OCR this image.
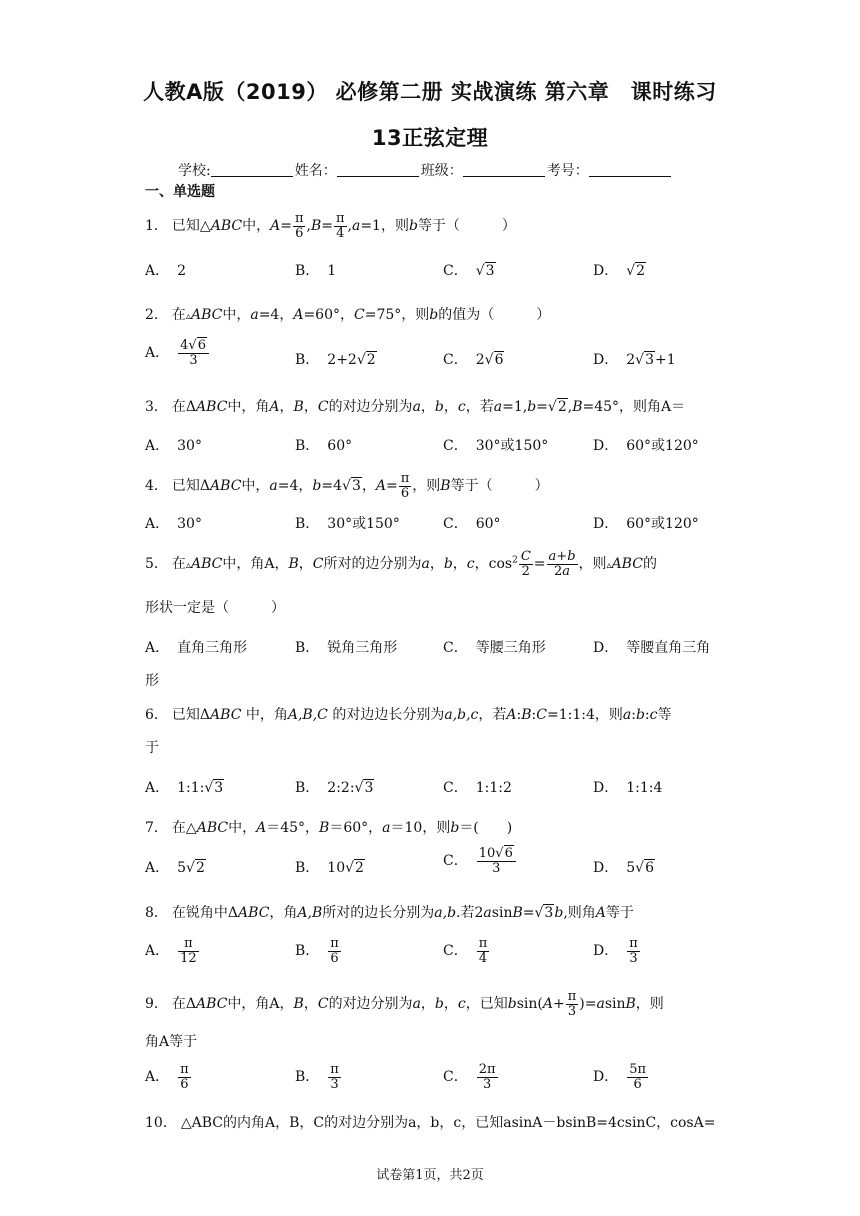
人教A版（2019） 必修第二册 实战演练 第六章　课时练习
13正弦定理
学校:	姓名：	班级：	考号：
一、单选题
1． 已知△ABC中，$A= \frac{\pi}{6} ,B= \frac{\pi}{4} ,a=1$，则b等于（　　　）
A． 2	B． 1	C． √3	D． √2
2． 在▵ABC中，a=4，A=60°，C=75°，则b的值为（　　　）
A． $\frac{4√6}{3}$	B． 2+2√2	C． 2√6	D． 2√3+1
3． 在ΔABC中，角A，B，C的对边分别为a，b，c，若a=1,b=√2,B=45°，则角A＝
A． 30°	B． 60°	C． 30°或150°	D． 60°或120°
4． 已知ΔABC中，a=4，b=4√3，$A= \frac{\pi}{6}$ ，则B等于（　　　）
A． 30°	B． 30°或150°	C． 60°	D． 60°或120°
5． 在▵ABC中，角A，B，C所对的边分别为a，b，c，$\cos^2 \frac{C}{2} = \frac{a+b}{2a}$ ，则▵ABC的
形状一定是（　　　）
A． 直角三角形	B． 锐角三角形	C． 等腰三角形	D． 等腰直角三角
形
6． 已知ΔABC 中，角A,B,C 的对边边长分别为a,b,c，若A:B:C=1:1:4，则a:b:c等
于
A． 1:1:√3	B． 2:2:√3	C． 1:1:2	D． 1:1:4
7． 在△ABC中，A＝45°，B＝60°，a＝10，则b＝(　　)
A． 5√2	B． 10√2	C． $\frac{10√6}{3}$	D． 5√6
8． 在锐角中ΔABC，角A,B所对的边长分别为a,b.若2asinB=√3b,则角A等于
A． $\frac{\pi}{12}$	B． $\frac{\pi}{6}$	C． $\frac{\pi}{4}$	D． $\frac{\pi}{3}$
9． 在ΔABC中，角A，B，C的对边分别为a，b，c，已知$bsin(A+ \frac{\pi}{3} )=asinB$，则
角A等于
A． $\frac{\pi}{6}$	B． $\frac{\pi}{3}$	C． $\frac{2\pi}{3}$	D． $\frac{5\pi}{6}$
10． △ABC的内角A，B，C的对边分别为a，b，c，已知asinA－bsinB=4csinC，cosA=
试卷第1页，共2页
